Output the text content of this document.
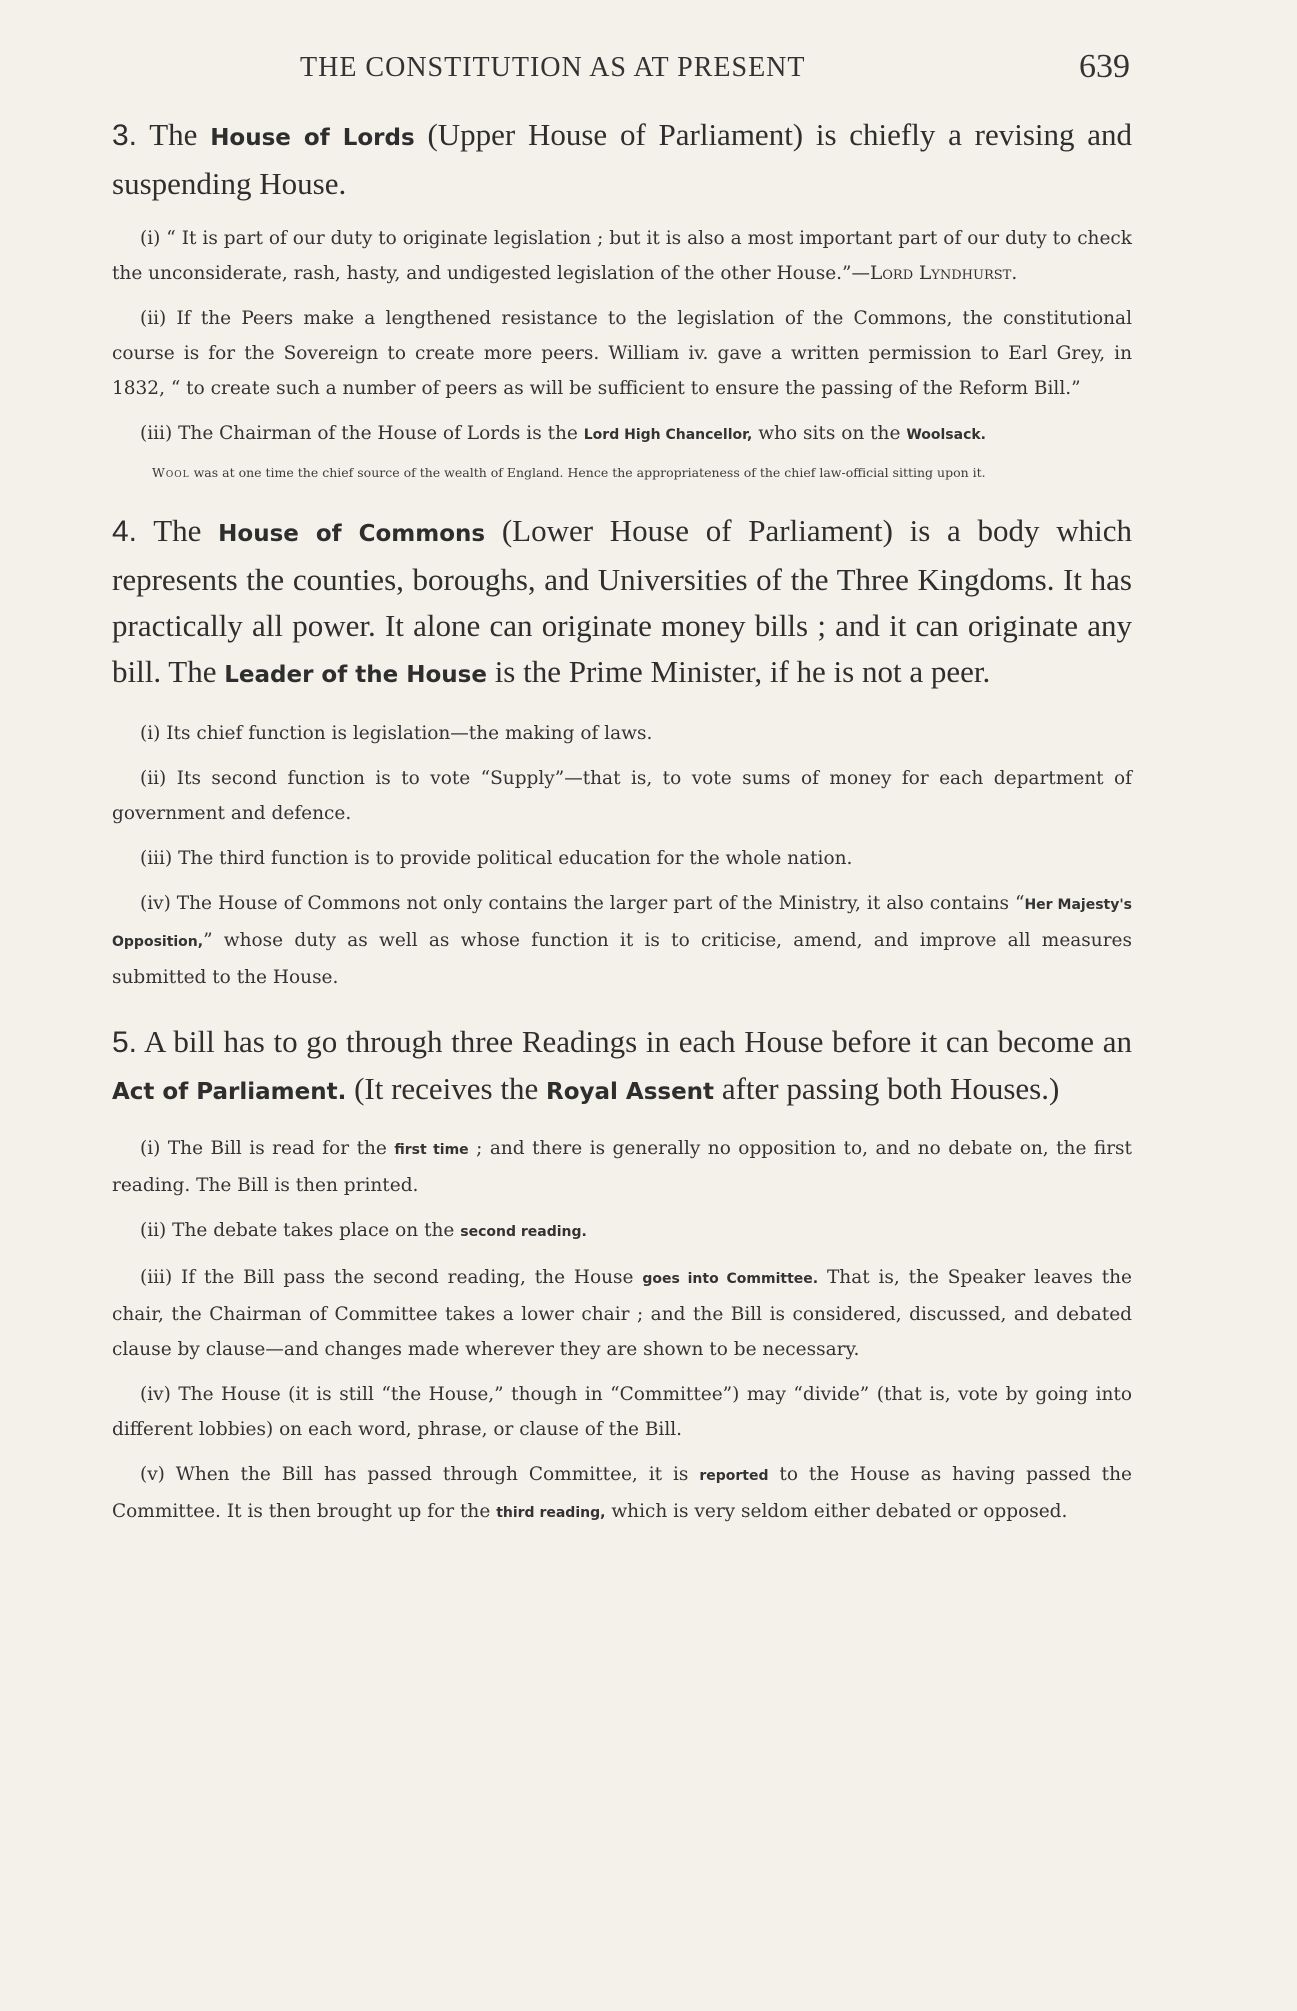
THE CONSTITUTION AS AT PRESENT	639

3. The House of Lords (Upper House of Parliament) is chiefly a revising and suspending House.

(i) “ It is part of our duty to originate legislation ; but it is also a most important part of our duty to check the unconsiderate, rash, hasty, and undigested legislation of the other House.”—Lord Lyndhurst.

(ii) If the Peers make a lengthened resistance to the legislation of the Commons, the constitutional course is for the Sovereign to create more peers. William iv. gave a written permission to Earl Grey, in 1832, “ to create such a number of peers as will be sufficient to ensure the passing of the Reform Bill.”

(iii) The Chairman of the House of Lords is the Lord High Chancellor, who sits on the Woolsack.

Wool was at one time the chief source of the wealth of England. Hence the appropriateness of the chief law-official sitting upon it.

4. The House of Commons (Lower House of Parliament) is a body which represents the counties, boroughs, and Universities of the Three Kingdoms. It has practically all power. It alone can originate money bills ; and it can originate any bill. The Leader of the House is the Prime Minister, if he is not a peer.

(i) Its chief function is legislation—the making of laws.

(ii) Its second function is to vote “Supply”—that is, to vote sums of money for each department of government and defence.

(iii) The third function is to provide political education for the whole nation.

(iv) The House of Commons not only contains the larger part of the Ministry, it also contains “Her Majesty's Opposition,” whose duty as well as whose function it is to criticise, amend, and improve all measures submitted to the House.

5. A bill has to go through three Readings in each House before it can become an Act of Parliament. (It receives the Royal Assent after passing both Houses.)

(i) The Bill is read for the first time ; and there is generally no opposition to, and no debate on, the first reading. The Bill is then printed.

(ii) The debate takes place on the second reading.

(iii) If the Bill pass the second reading, the House goes into Committee. That is, the Speaker leaves the chair, the Chairman of Committee takes a lower chair ; and the Bill is considered, discussed, and debated clause by clause—and changes made wherever they are shown to be necessary.

(iv) The House (it is still “the House,” though in “Committee”) may “divide” (that is, vote by going into different lobbies) on each word, phrase, or clause of the Bill.

(v) When the Bill has passed through Committee, it is reported to the House as having passed the Committee. It is then brought up for the third reading, which is very seldom either debated or opposed.
